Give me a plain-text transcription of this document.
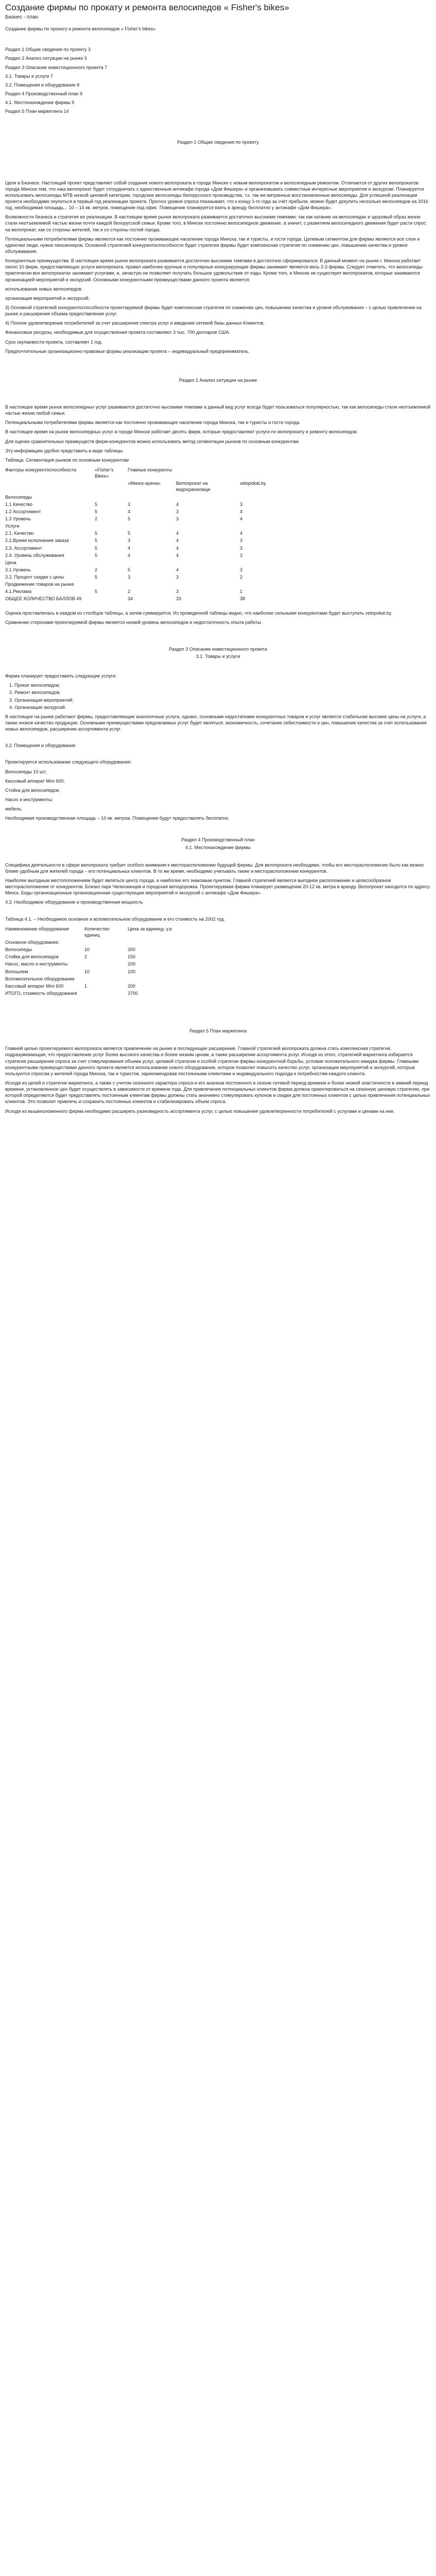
Создание фирмы по прокату и ремонта велосипедов « Fisher's bikes»
Бизнес - план

Создание фирмы по прокату и ремонта велосипедов « Fisher's bikes»

Раздел 1 Общие сведения по проекту 3

Раздел 2 Анализ ситуации на рынке 5

Раздел 3 Описание инвестиционного проекта 7

3.1. Товары и услуги 7

3.2. Помещения и оборудование 8

Раздел 4 Производственный план 9

4.1. Местонахождение фирмы 9

Раздел 5 План маркетинга 14

Раздел 1 Общие сведения по проекту

Цели в Бизнесе. Настоящий проект представляет собой создание нового велопроката в городе Минске с новым велопрокатом и велосипедным ремонтом. Отличается от других велопрокатов города Минска тем, что наш велопрокат будет сотрудничать с единственным антикафе города «Дом Фишера» и организовывать совместные интересные мероприятия и экскурсии. Планируется использовать велосипеды МТВ низкой ценовой категории, городские велосипеды белорусского производства, т.к. так же витринные восстановленные велосипеды. Для успешной реализации проекта необходимо окупиться в первый год реализации проекта. Прогноз уровня спроса показывает, что к концу 1-го года за счёт прибыли, можно будет докупить несколько велосипедов на 2016 год, необходимая площадь... 10 – 14 кв. метров, помещение под офис. Помещение планируется взять в аренду бесплатно у антикафе «Дом Фишера».

Возможности бизнеса и стратегия ее реализации. В настоящее время рынок велопроката развивается достаточно высокими темпами; так как катание на велосипедах и здоровый образ жизни стали неотъемлемой частью жизни почти каждой белорусской семьи. Кроме того, в Минске постоянно велосипедное движение, а значит, с развитием велосипедного движения будет расти спрос на велопрокат, как со стороны жителей, так и со стороны гостей города.

Потенциальными потребителями фирмы являются как постоянно проживающее население города Минска, так и туристы, и гости города. Целевым сегментом для фирмы являются все слои и одиночки люди, нужно пенсионеров. Основной стратегией конкурентоспособности будет стратегия фирмы будет комплексная стратегия по снижению цен, повышению качества и уровня обслуживания.

Конкурентные преимущества. В настоящее время рынок велопроката развивается достаточно высокими темпами в достаточно сформировался. В данный момент на рынке г. Минска работает около 10 фирм, предоставляющих услуги велопроката, провел наиболее крупные и популярные конкурирующие фирмы занимают является весь 2-3 фирмы. Следует отметить, что велосипеды практически все велопрокатах занимают услугами, и, зачастую не позволяет получать большое удовольствие от езды. Кроме того, в Минске не существует велопрокатов, которые занимаются организацией мероприятий и экскурсий. Основными конкурентными преимуществами данного проекта является:

использование новых велосипедов;

организация мероприятий и экскурсий;

3) Основной стратегией конкурентоспособности проектируемой фирмы будет комплексная стратегия по снижению цен, повышению качества и уровня обслуживания – с целью привлечения на рынке и расширения объема предоставления услуг.

4) Полное удовлетворение потребителей за счет расширения спектра услуг и введения сетевой базы данных Клиентов.

Финансовые ресурсы, необходимые для осуществления проекта составляют 3 тыс. 700 долларов США.

Срок окупаемости проекта, составляет 1 год.

Предпочтительные организационно-правовые формы реализации проекта – индивидуальный предприниматель.

Раздел 2 Анализ ситуации на рынке

В настоящее время рынок велосипедных услуг развивается достаточно высокими темпами а данный вид услуг всегда будет пользоваться популярностью, так как велосипеды стали неотъемлемой частью жизни любой семьи.

Потенциальными потребителями фирмы является как постоянно проживающее население города Минска, так и туристы и гости города.

В настоящее время на рынке велосипедных услуг в городе Минске работает десять фирм, которые предоставляют услуги по велопрокату и ремонту велосипедов.

Для оценки сравнительных преимуществ фирм-конкурентов можно использовать метод сегментации рынков по основным конкурентам.

Эту информацию удобно представить в виде таблицы.

Таблица. Сегментация рынков по основным конкурентам

Факторы конкурентоспособности	«Fisher’s Bikes»	Главные конкуренты		
		«Минск-арена»	Велопрокат на водохранилище	velopokat.by
Велосипеды				
1.1 Качество	5	3	4	3
1.2 Ассортимент	5	4	3	4
1.3 Уровень	2	5	3	4
Услуги				
2.1. Качество	5	5	4	4
2.2.Время исполнения заказа	5	3	4	3
2.3. Ассортимент	5	4	4	3
2.4. Уровень обслуживания	5	4	4	3
Цена				
3.1.Уровень	2	5	4	3
3.2. Процент скидки с цены	5	3	3	2
Продвижение товаров на рынке				
4.1.Реклама	5	2	3	1
ОБЩЕЕ КОЛИЧЕСТВО БАЛЛОВ 49		34	33	38

Оценка проставлялась в каждом из столбцов таблицы, а затем суммируется. Из проведенной таблицы видно, что наиболее сильными конкурентами будет выступать velopokat.by.

Сравнение сторонами проектируемой фирмы является низкий уровень велосипедов и недостаточность опыта работы.

Раздел 3 Описание инвестиционного проекта
3.1. Товары и услуги

Фирма планирует предоставить следующие услуги:

1. Прокат велосипедов;
2. Ремонт велосипедов;
3. Организация мероприятий;
4. Организация экскурсий.

В настоящее на рынке работают фирмы, предоставляющие аналогичные услуги, однако, основными недостатками конкурентных товаров и услуг является стабильная высокие цены на услуги, а также низкое качество продукции. Основными преимуществами предлагаемых услуг будет являться: экономичность, сочетание себестоимости и цен, повышение качества за счет использования новых велосипедов, расширение ассортимента услуг.

3.2. Помещения и оборудование

Проектируется использование следующего оборудования:

Велосипеды 10 шт;

Кассовый аппарат Mini 600;

Стойка для велосипедов;

Насос и инструменты;

мебель;

Необходимая производственная площадь – 10 кв. метров. Помещения будут предоставлять бесплатно.

Раздел 4 Производственный план
4.1. Местонахождение фирмы

Специфика деятельности в сфере велопроката требует особого внимания к месторасположению будущей фирмы. Для велопроката необходимо, чтобы его месторасположение было как можно ближе удобным для жителей города – его потенциальных клиентов. В то же время, необходимо учитывать также и месторасположение конкурентов.

Наиболее выгодным местоположением будет являться центр города, и наиболее его знакомым пунктом. Главной стратегией является выгодное расположение и целесообразное месторасположение от конкурентов. Близко парк Челюскинцев и городская велодорожка. Проектируемая фирма планирует размещении 20-12 кв. метра в аренду. Велопрокат находится по адресу: Минск, Беды организационные организационная существующие мероприятий и экскурсий с антикафе «Дом Фишера».

4.3. Необходимое оборудование и производственная мощность

Таблица 4.1. – Необходимое основное и вспомогательное оборудование и его стоимость на 2002 год.

Наименование оборудования	Количество единиц	Цена за единицу, у.е.
Основное оборудование:		
Велосипеды	10	300
Стойки для велосипедов	2	150
Насос, масло и инструменты		200
Велошлем	10	100
Вспомогательное оборудование		
Кассовый аппарат Mini 600	1	200
ИТОГО, стоимость оборудования		3700
Раздел 5 План маркетинга

Главной целью проектируемого велопроката является привлечение на рынке в последующее расширение. Главной стратегией велопроката должна стать комплексная стратегия, подразумевающая, что предоставление услуг более высокого качества и более низким ценам, а также расширение ассортимента услуг. Исходя из этого, стратегией маркетинга избирается стратегия расширения спроса за счет стимулирования объема услуг, целевой стратегии и особой стратегии фирмы конкурентной борьбы, условие положительного имиджа фирмы. Главными конкурентными преимуществами данного проекта является использование нового оборудования, которое позволит повысить качество услуг, организации мероприятий и экскурсий, которые пользуются спросом у жителей города Минска, так и туристов, зарекомендовав постоянными клиентами и индивидуального подхода к потребностям каждого клиента.

Исходя из целей и стратегии маркетинга, а также с учетом сезонного характера спроса и его анализа постоянного в сезоне сетевой период времени и более низкой эластичности в зимний период времени, установленное цен будет осуществлять в зависимости от времени года. Для привлечения потенциальных клиентов фирма должна ориентироваться на сезонную ценовую стратегию, при которой определяются будет предоставлять постоянным клиентам фирмы должны стать анонимно стимулировать купонов и скидки для постоянных клиентов с целью привлечения потенциальных клиентов. Это позволит привлечь и сохранить постоянных клиентов и стабилизировать объем спроса.

Исходя из вышеизложенного фирма необходимо расширять разновидность ассортимента услуг, с целью повышения удовлетворенности потребителей с услугами и ценами на нее.
